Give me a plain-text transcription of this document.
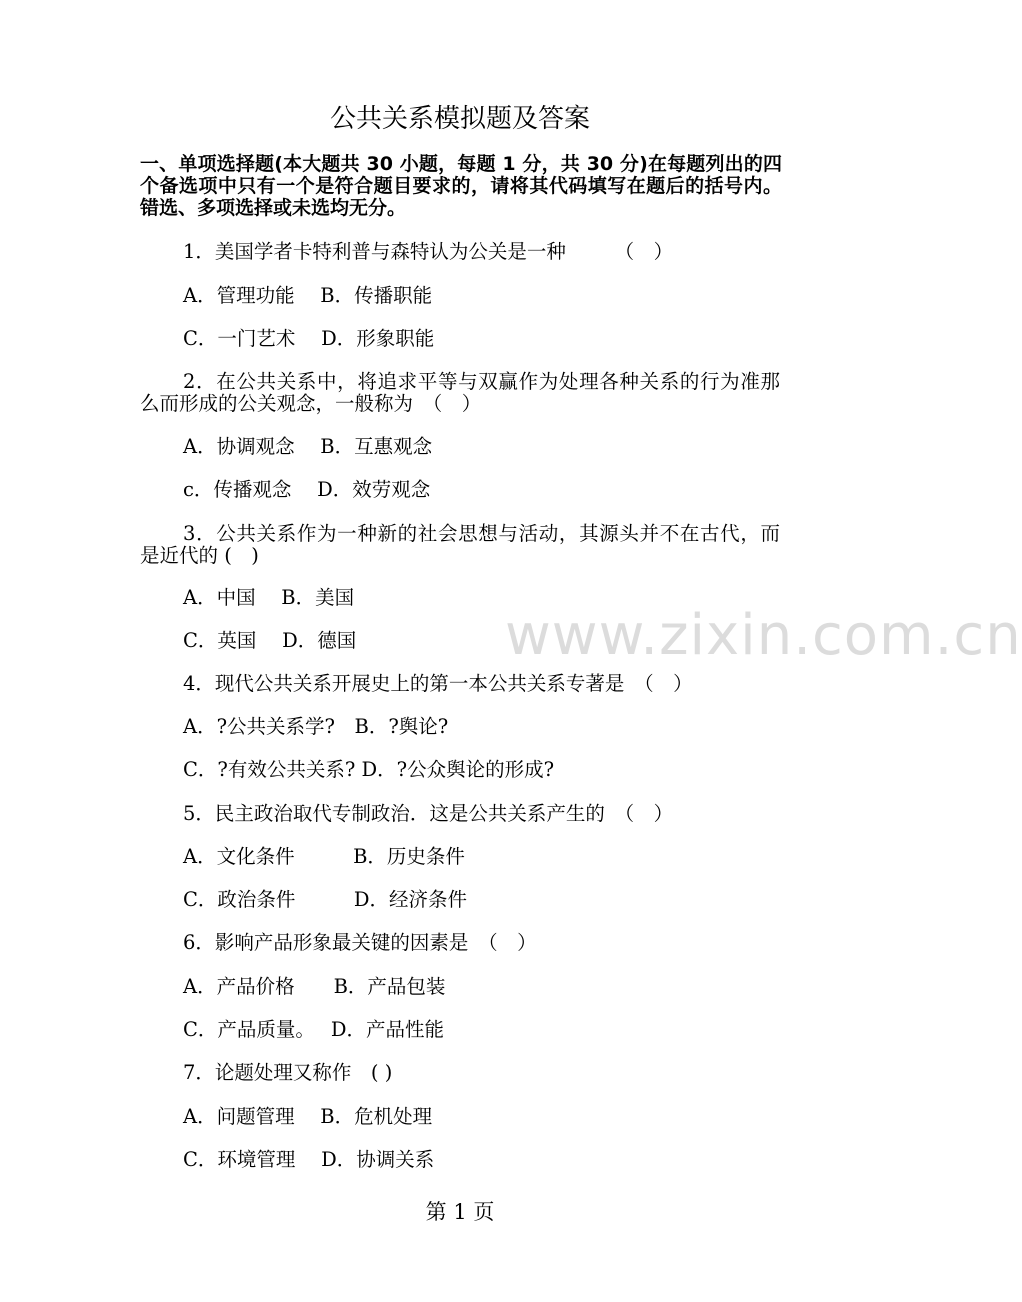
公共关系模拟题及答案
一、单项选择题(本大题共 30 小题，每题 1 分，共 30 分)在每题列出的四个备选项中只有一个是符合题目要求的，请将其代码填写在题后的括号内。错选、多项选择或未选均无分。
1．美国学者卡特利普与森特认为公关是一种　　　（　）
A．管理功能　 B．传播职能
C．一门艺术　 D．形象职能
2．在公共关系中，将追求平等与双赢作为处理各种关系的行为准那么而形成的公关观念，一般称为　（　）
A．协调观念　 B．互惠观念
c．传播观念　 D．效劳观念
3．公共关系作为一种新的社会思想与活动，其源头并不在古代，而是近代的 (　)
A．中国　 B．美国
C．英国　 D．德国
4．现代公共关系开展史上的第一本公共关系专著是　（　）
A．?公共关系学?　B．?舆论?
C．?有效公共关系? D．?公众舆论的形成?
5．民主政治取代专制政治．这是公共关系产生的　（　）
A．文化条件　　　B．历史条件
C．政治条件　　　D．经济条件
6．影响产品形象最关键的因素是　（　）
A．产品价格　　B．产品包装
C．产品质量。　 D．产品性能
7．论题处理又称作　( )
A．问题管理　 B．危机处理
C．环境管理　 D．协调关系
www.zixin.com.cn
第 1 页
